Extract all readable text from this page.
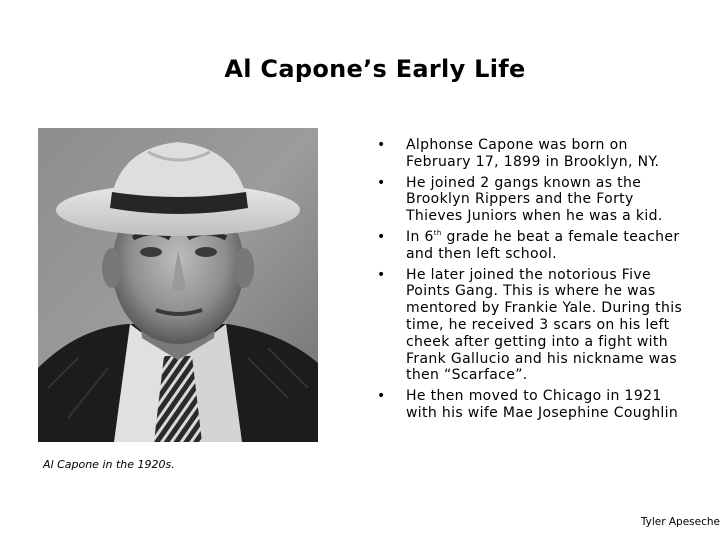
Al Capone’s Early Life
Al Capone in the 1920s.
• Alphonse Capone was born on February 17, 1899 in Brooklyn, NY.
• He joined 2 gangs known as the Brooklyn Rippers and the Forty Thieves Juniors when he was a kid.
• In 6th grade he beat a female teacher and then left school.
• He later joined the notorious Five Points Gang. This is where he was mentored by Frankie Yale. During this time, he received 3 scars on his left cheek after getting into a fight with Frank Gallucio and his nickname was then “Scarface”.
• He then moved to Chicago in 1921 with his wife Mae Josephine Coughlin
Tyler Apeseche
